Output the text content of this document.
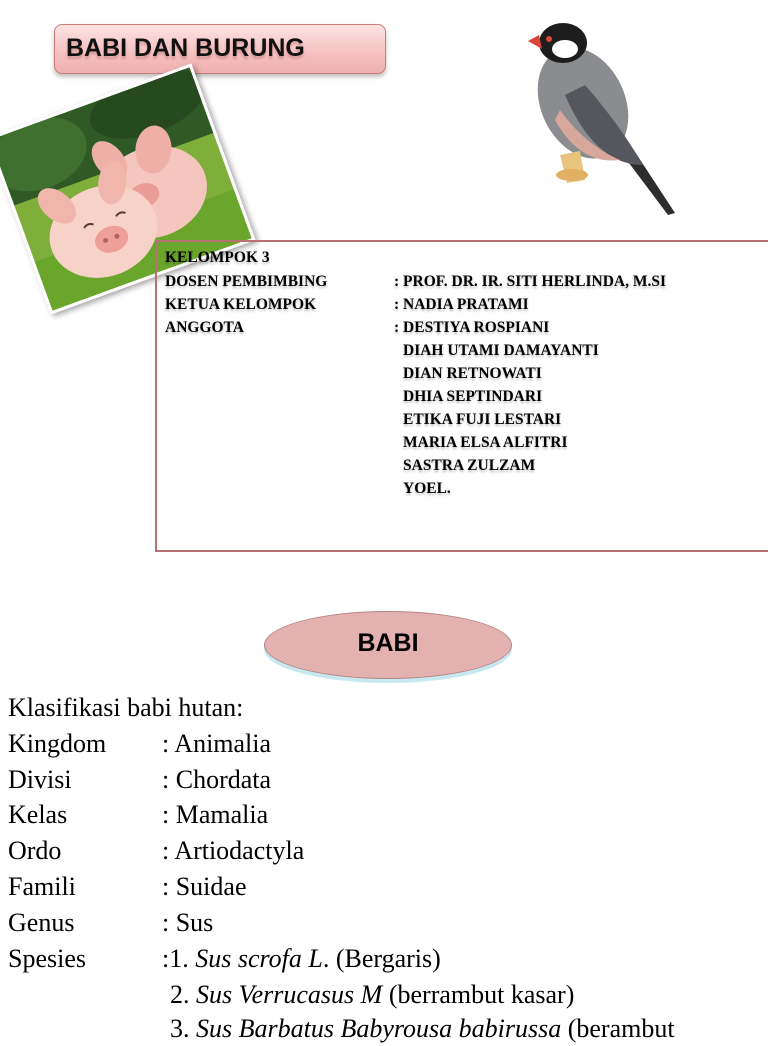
BABI DAN BURUNG
KELOMPOK 3
DOSEN PEMBIMBING	: PROF. DR. IR. SITI HERLINDA, M.SI
KETUA KELOMPOK	: NADIA PRATAMI
ANGGOTA	: DESTIYA ROSPIANI
DIAH UTAMI DAMAYANTI
DIAN RETNOWATI
DHIA SEPTINDARI
ETIKA FUJI LESTARI
MARIA ELSA ALFITRI
SASTRA ZULZAM
YOEL.
BABI
Klasifikasi babi hutan:
Kingdom : Animalia
Divisi	: Chordata
Kelas	: Mamalia
Ordo	: Artiodactyla
Famili	: Suidae
Genus	: Sus
Spesies	:1. Sus scrofa L. (Bergaris)
2. Sus Verrucasus M (berrambut kasar)
3. Sus Barbatus Babyrousa babirussa (berambut
